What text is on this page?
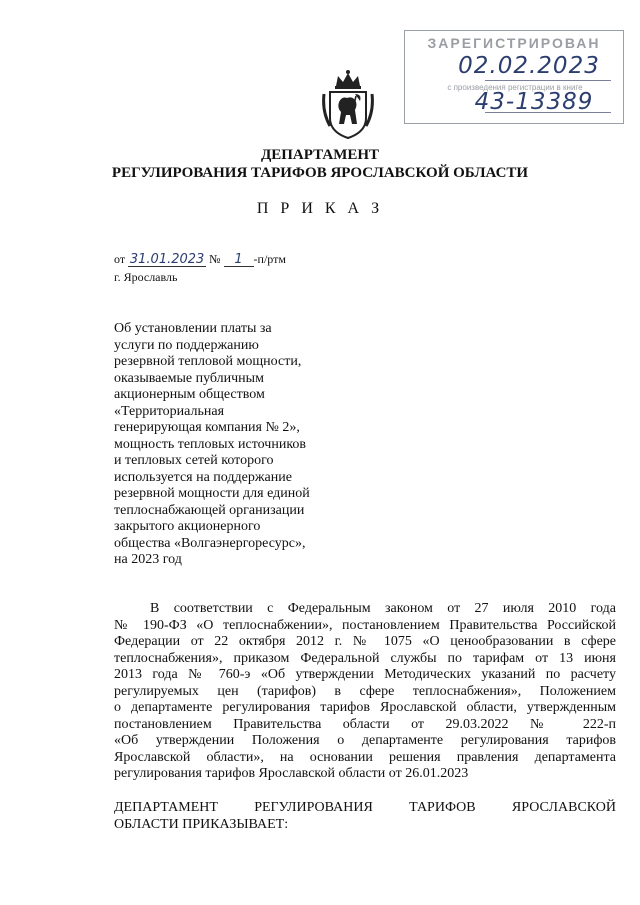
ЗАРЕГИСТРИРОВАН
02.02.2023
с произведения регистрации в книге
43-13389
ДЕПАРТАМЕНТ
РЕГУЛИРОВАНИЯ ТАРИФОВ ЯРОСЛАВСКОЙ ОБЛАСТИ
П Р И К А З
от 31.01.2023 № 1 -п/ртм
г. Ярославль
Об установлении платы за
услуги по поддержанию
резервной тепловой мощности,
оказываемые публичным
акционерным обществом
«Территориальная
генерирующая компания № 2»,
мощность тепловых источников
и тепловых сетей которого
используется на поддержание
резервной мощности для единой
теплоснабжающей организации
закрытого акционерного
общества «Волгаэнергоресурс»,
на 2023 год
В соответствии с Федеральным законом от 27 июля 2010 года
№ 190-ФЗ «О теплоснабжении», постановлением Правительства Российской
Федерации от 22 октября 2012 г. № 1075 «О ценообразовании в сфере
теплоснабжения», приказом Федеральной службы по тарифам от 13 июня
2013 года № 760-э «Об утверждении Методических указаний по расчету
регулируемых цен (тарифов) в сфере теплоснабжения», Положением
о департаменте регулирования тарифов Ярославской области, утвержденным
постановлением Правительства области от 29.03.2022 № 222-п
«Об утверждении Положения о департаменте регулирования тарифов
Ярославской области», на основании решения правления департамента
регулирования тарифов Ярославской области от 26.01.2023
ДЕПАРТАМЕНТ РЕГУЛИРОВАНИЯ ТАРИФОВ ЯРОСЛАВСКОЙ
ОБЛАСТИ ПРИКАЗЫВАЕТ:
